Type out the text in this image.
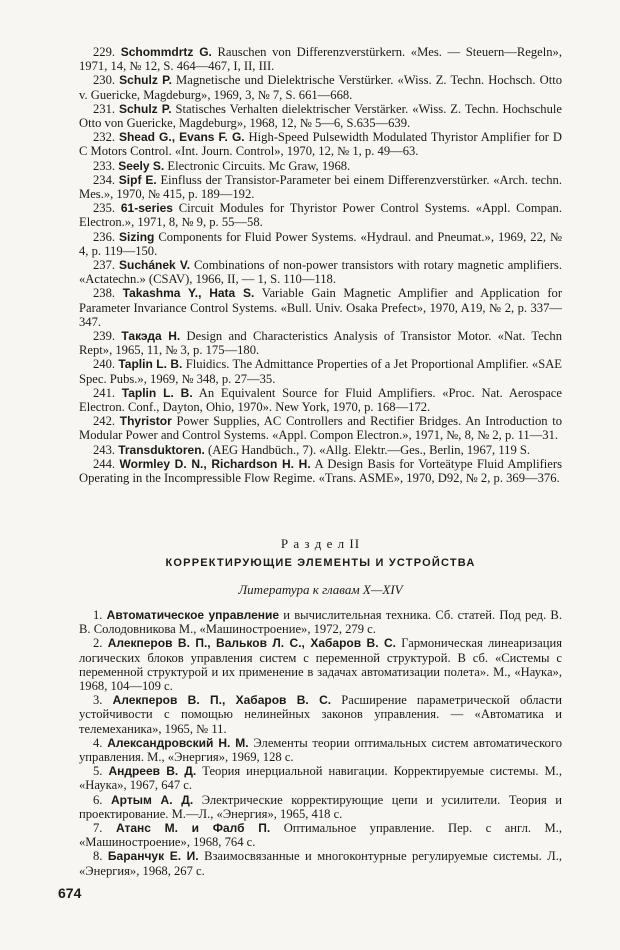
229. Schommdrtz G. Rauschen von Differenzverstürkern. «Mes. — Steuern—Regeln», 1971, 14, № 12, S. 464—467, I, II, III.

230. Schulz P. Magnetische und Dielektrische Verstürker. «Wiss. Z. Techn. Hochsch. Otto v. Guericke, Magdeburg», 1969, 3, № 7, S. 661—668.

231. Schulz P. Statisches Verhalten dielektrischer Verstärker. «Wiss. Z. Techn. Hochschule Otto von Guericke, Magdeburg», 1968, 12, № 5—6, S.635—639.

232. Shead G., Evans F. G. High-Speed Pulsewidth Modulated Thyristor Amplifier for D C Motors Control. «Int. Journ. Control», 1970, 12, № 1, p. 49—63.

233. Seely S. Electronic Circuits. Mc Graw, 1968.

234. Sipf E. Einfluss der Transistor-Parameter bei einem Differenzverstürker. «Arch. techn. Mes.», 1970, № 415, p. 189—192.

235. 61-series Circuit Modules for Thyristor Power Control Systems. «Appl. Compan. Electron.», 1971, 8, № 9, p. 55—58.

236. Sizing Components for Fluid Power Systems. «Hydraul. and Pneumat.», 1969, 22, № 4, p. 119—150.

237. Suchánek V. Combinations of non-power transistors with rotary magnetic amplifiers. «Actatechn.» (CSAV), 1966, II, — 1, S. 110—118.

238. Takashma Y., Hata S. Variable Gain Magnetic Amplifier and Application for Parameter Invariance Control Systems. «Bull. Univ. Osaka Prefect», 1970, A19, № 2, p. 337—347.

239. Такэда Н. Design and Characteristics Analysis of Transistor Motor. «Nat. Techn Rept», 1965, 11, № 3, p. 175—180.

240. Taplin L. B. Fluidics. The Admittance Properties of a Jet Proportional Amplifier. «SAE Spec. Pubs.», 1969, № 348, p. 27—35.

241. Taplin L. B. An Equivalent Source for Fluid Amplifiers. «Proc. Nat. Aerospace Electron. Conf., Dayton, Ohio, 1970». New York, 1970, p. 168—172.

242. Thyristor Power Supplies, AC Controllers and Rectifier Bridges. An Introduction to Modular Power and Control Systems. «Appl. Compon Electron.», 1971, №, 8, № 2, p. 11—31.

243. Transduktoren. (AEG Handbüch., 7). «Allg. Elektr.—Ges., Berlin, 1967, 119 S.

244. Wormley D. N., Richardson H. H. A Design Basis for Vorteätype Fluid Amplifiers Operating in the Incompressible Flow Regime. «Trans. ASME», 1970, D92, № 2, p. 369—376.

Р а з д е л II
КОРРЕКТИРУЮЩИЕ ЭЛЕМЕНТЫ И УСТРОЙСТВА
Литература к главам X—XIV

1. Автоматическое управление и вычислительная техника. Сб. статей. Под ред. В. В. Солодовникова М., «Машиностроение», 1972, 279 с.

2. Алекперов В. П., Вальков Л. С., Хабаров В. С. Гармоническая линеаризация логических блоков управления систем с переменной структурой. В сб. «Системы с переменной структурой и их применение в задачах автоматизации полета». М., «Наука», 1968, 104—109 с.

3. Алекперов В. П., Хабаров В. С. Расширение параметрической области устойчивости с помощью нелинейных законов управления. — «Автоматика и телемеханика», 1965, № 11.

4. Александровский Н. М. Элементы теории оптимальных систем автоматического управления. М., «Энергия», 1969, 128 с.

5. Андреев В. Д. Теория инерциальной навигации. Корректируемые системы. М., «Наука», 1967, 647 с.

6. Артым А. Д. Электрические корректирующие цепи и усилители. Теория и проектирование. М.—Л., «Энергия», 1965, 418 с.

7. Атанс М. и Фалб П. Оптимальное управление. Пер. с англ. М., «Машиностроение», 1968, 764 с.

8. Баранчук Е. И. Взаимосвязанные и многоконтурные регулируемые системы. Л., «Энергия», 1968, 267 с.

674
